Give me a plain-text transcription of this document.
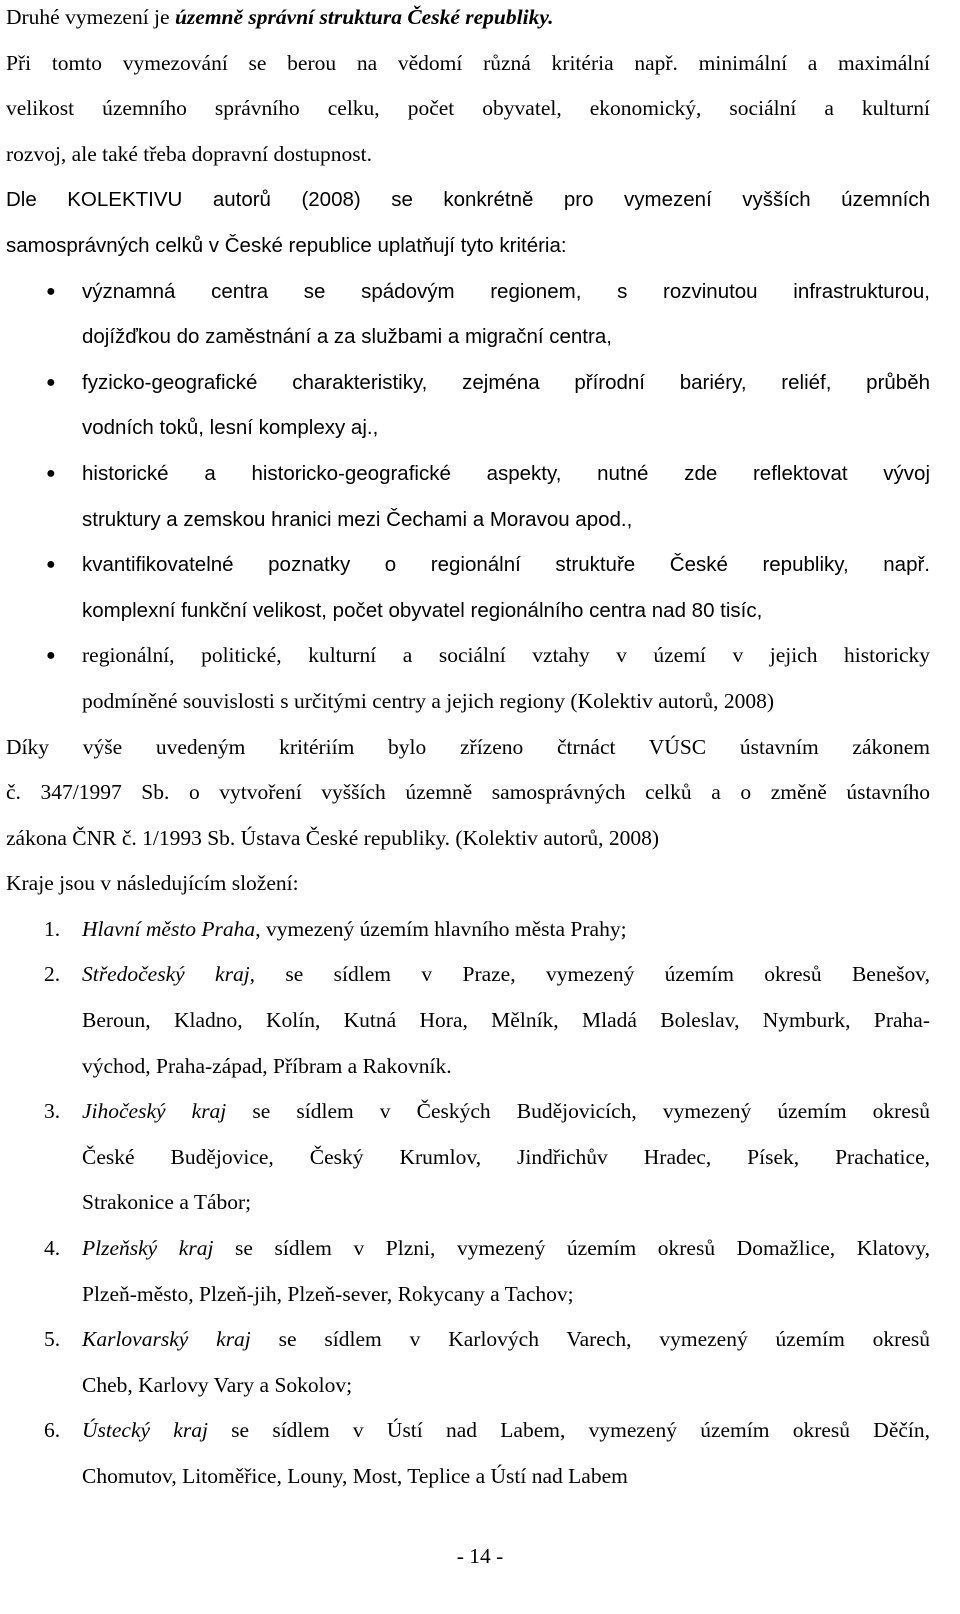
Druhé vymezení je územně správní struktura České republiky.
Při tomto vymezování se berou na vědomí různá kritéria např. minimální a maximální
velikost územního správního celku, počet obyvatel, ekonomický, sociální a kulturní
rozvoj, ale také třeba dopravní dostupnost.
Dle KOLEKTIVU autorů (2008) se konkrétně pro vymezení vyšších územních
samosprávných celků v České republice uplatňují tyto kritéria:
● významná centra se spádovým regionem, s rozvinutou infrastrukturou,
dojížďkou do zaměstnání a za službami a migrační centra,
● fyzicko-geografické charakteristiky, zejména přírodní bariéry, reliéf, průběh
vodních toků, lesní komplexy aj.,
● historické a historicko-geografické aspekty, nutné zde reflektovat vývoj
struktury a zemskou hranici mezi Čechami a Moravou apod.,
● kvantifikovatelné poznatky o regionální struktuře České republiky, např.
komplexní funkční velikost, počet obyvatel regionálního centra nad 80 tisíc,
● regionální, politické, kulturní a sociální vztahy v území v jejich historicky
podmíněné souvislosti s určitými centry a jejich regiony (Kolektiv autorů, 2008)
Díky výše uvedeným kritériím bylo zřízeno čtrnáct VÚSC ústavním zákonem
č. 347/1997 Sb. o vytvoření vyšších územně samosprávných celků a o změně ústavního
zákona ČNR č. 1/1993 Sb. Ústava České republiky. (Kolektiv autorů, 2008)
Kraje jsou v následujícím složení:
1. Hlavní město Praha, vymezený územím hlavního města Prahy;
2. Středočeský kraj, se sídlem v Praze, vymezený územím okresů Benešov,
Beroun, Kladno, Kolín, Kutná Hora, Mělník, Mladá Boleslav, Nymburk, Praha-
východ, Praha-západ, Příbram a Rakovník.
3. Jihočeský kraj se sídlem v Českých Budějovicích, vymezený územím okresů
České Budějovice, Český Krumlov, Jindřichův Hradec, Písek, Prachatice,
Strakonice a Tábor;
4. Plzeňský kraj se sídlem v Plzni, vymezený územím okresů Domažlice, Klatovy,
Plzeň-město, Plzeň-jih, Plzeň-sever, Rokycany a Tachov;
5. Karlovarský kraj se sídlem v Karlových Varech, vymezený územím okresů
Cheb, Karlovy Vary a Sokolov;
6. Ústecký kraj se sídlem v Ústí nad Labem, vymezený územím okresů Děčín,
Chomutov, Litoměřice, Louny, Most, Teplice a Ústí nad Labem
- 14 -
